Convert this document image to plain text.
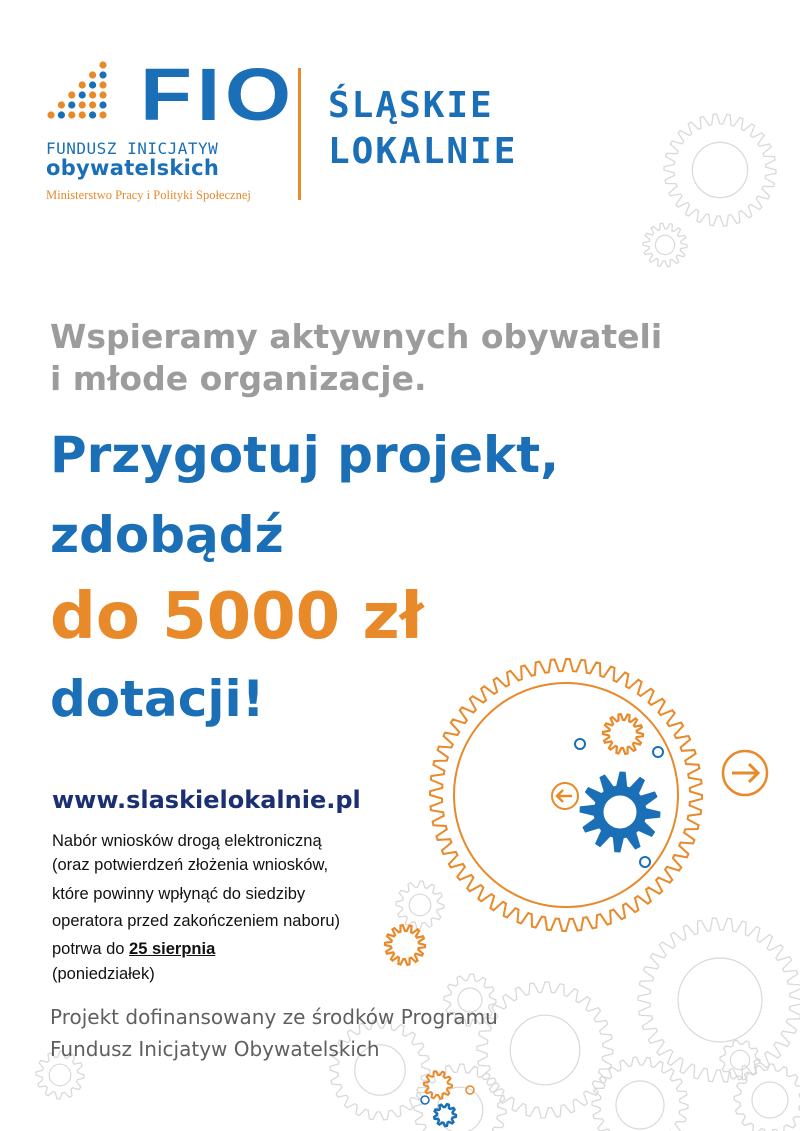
FIO
FUNDUSZ INICJATYW
obywatelskich
Ministerstwo Pracy i Polityki Społecznej
ŚLĄSKIE
LOKALNIE
Wspieramy aktywnych obywateli
i młode organizacje.
Przygotuj projekt,
zdobądź
do 5000 zł
dotacji!
www.slaskielokalnie.pl
Nabór wniosków drogą elektroniczną
(oraz potwierdzeń złożenia wniosków,
które powinny wpłynąć do siedziby
operatora przed zakończeniem naboru)
potrwa do 25 sierpnia
(poniedziałek)
Projekt dofinansowany ze środków Programu
Fundusz Inicjatyw Obywatelskich
